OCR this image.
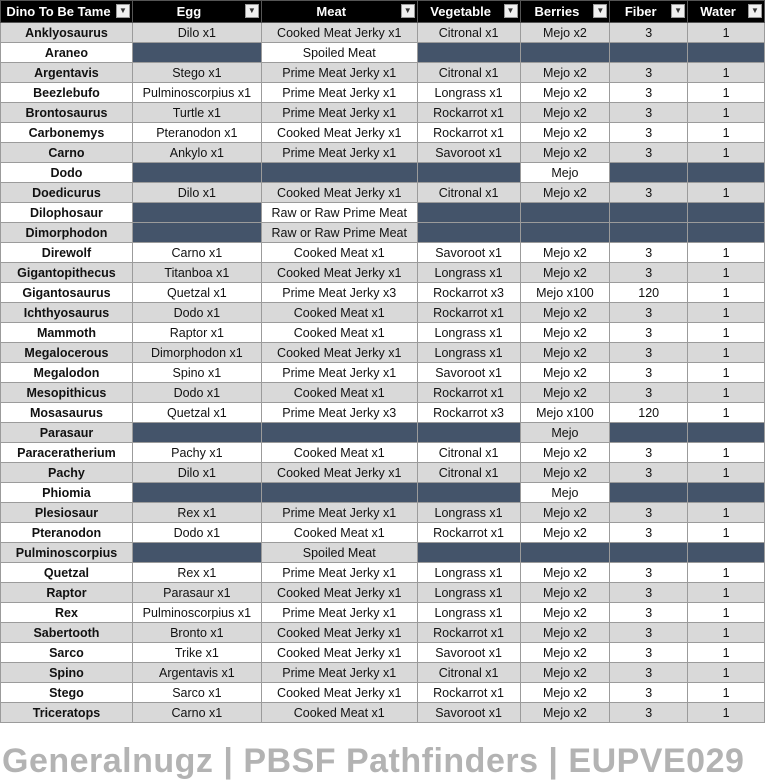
Dino To Be Tame ▼	Egg ▼	Meat ▼	Vegetable ▼	Berries ▼	Fiber ▼	Water ▼

Anklyosaurus	Dilo x1	Cooked Meat Jerky x1	Citronal x1	Mejo x2	3	1
Araneo		Spoiled Meat				
Argentavis	Stego x1	Prime Meat Jerky x1	Citronal x1	Mejo x2	3	1
Beezlebufo	Pulminoscorpius x1	Prime Meat Jerky x1	Longrass x1	Mejo x2	3	1
Brontosaurus	Turtle x1	Prime Meat Jerky x1	Rockarrot x1	Mejo x2	3	1
Carbonemys	Pteranodon x1	Cooked Meat Jerky x1	Rockarrot x1	Mejo x2	3	1
Carno	Ankylo x1	Prime Meat Jerky x1	Savoroot x1	Mejo x2	3	1
Dodo				Mejo		
Doedicurus	Dilo x1	Cooked Meat Jerky x1	Citronal x1	Mejo x2	3	1
Dilophosaur		Raw or Raw Prime Meat				
Dimorphodon		Raw or Raw Prime Meat				
Direwolf	Carno x1	Cooked Meat x1	Savoroot x1	Mejo x2	3	1
Gigantopithecus	Titanboa x1	Cooked Meat Jerky x1	Longrass x1	Mejo x2	3	1
Gigantosaurus	Quetzal x1	Prime Meat Jerky x3	Rockarrot x3	Mejo x100	120	1
Ichthyosaurus	Dodo x1	Cooked Meat x1	Rockarrot x1	Mejo x2	3	1
Mammoth	Raptor x1	Cooked Meat x1	Longrass x1	Mejo x2	3	1
Megalocerous	Dimorphodon x1	Cooked Meat Jerky x1	Longrass x1	Mejo x2	3	1
Megalodon	Spino x1	Prime Meat Jerky x1	Savoroot x1	Mejo x2	3	1
Mesopithicus	Dodo x1	Cooked Meat x1	Rockarrot x1	Mejo x2	3	1
Mosasaurus	Quetzal x1	Prime Meat Jerky x3	Rockarrot x3	Mejo x100	120	1
Parasaur				Mejo		
Paraceratherium	Pachy x1	Cooked Meat x1	Citronal x1	Mejo x2	3	1
Pachy	Dilo x1	Cooked Meat Jerky x1	Citronal x1	Mejo x2	3	1
Phiomia				Mejo		
Plesiosaur	Rex x1	Prime Meat Jerky x1	Longrass x1	Mejo x2	3	1
Pteranodon	Dodo x1	Cooked Meat x1	Rockarrot x1	Mejo x2	3	1
Pulminoscorpius		Spoiled Meat				
Quetzal	Rex x1	Prime Meat Jerky x1	Longrass x1	Mejo x2	3	1
Raptor	Parasaur x1	Cooked Meat Jerky x1	Longrass x1	Mejo x2	3	1
Rex	Pulminoscorpius x1	Prime Meat Jerky x1	Longrass x1	Mejo x2	3	1
Sabertooth	Bronto x1	Cooked Meat Jerky x1	Rockarrot x1	Mejo x2	3	1
Sarco	Trike x1	Cooked Meat Jerky x1	Savoroot x1	Mejo x2	3	1
Spino	Argentavis x1	Prime Meat Jerky x1	Citronal x1	Mejo x2	3	1
Stego	Sarco x1	Cooked Meat Jerky x1	Rockarrot x1	Mejo x2	3	1
Triceratops	Carno x1	Cooked Meat x1	Savoroot x1	Mejo x2	3	1
Generalnugz | PBSF Pathfinders | EUPVE029
